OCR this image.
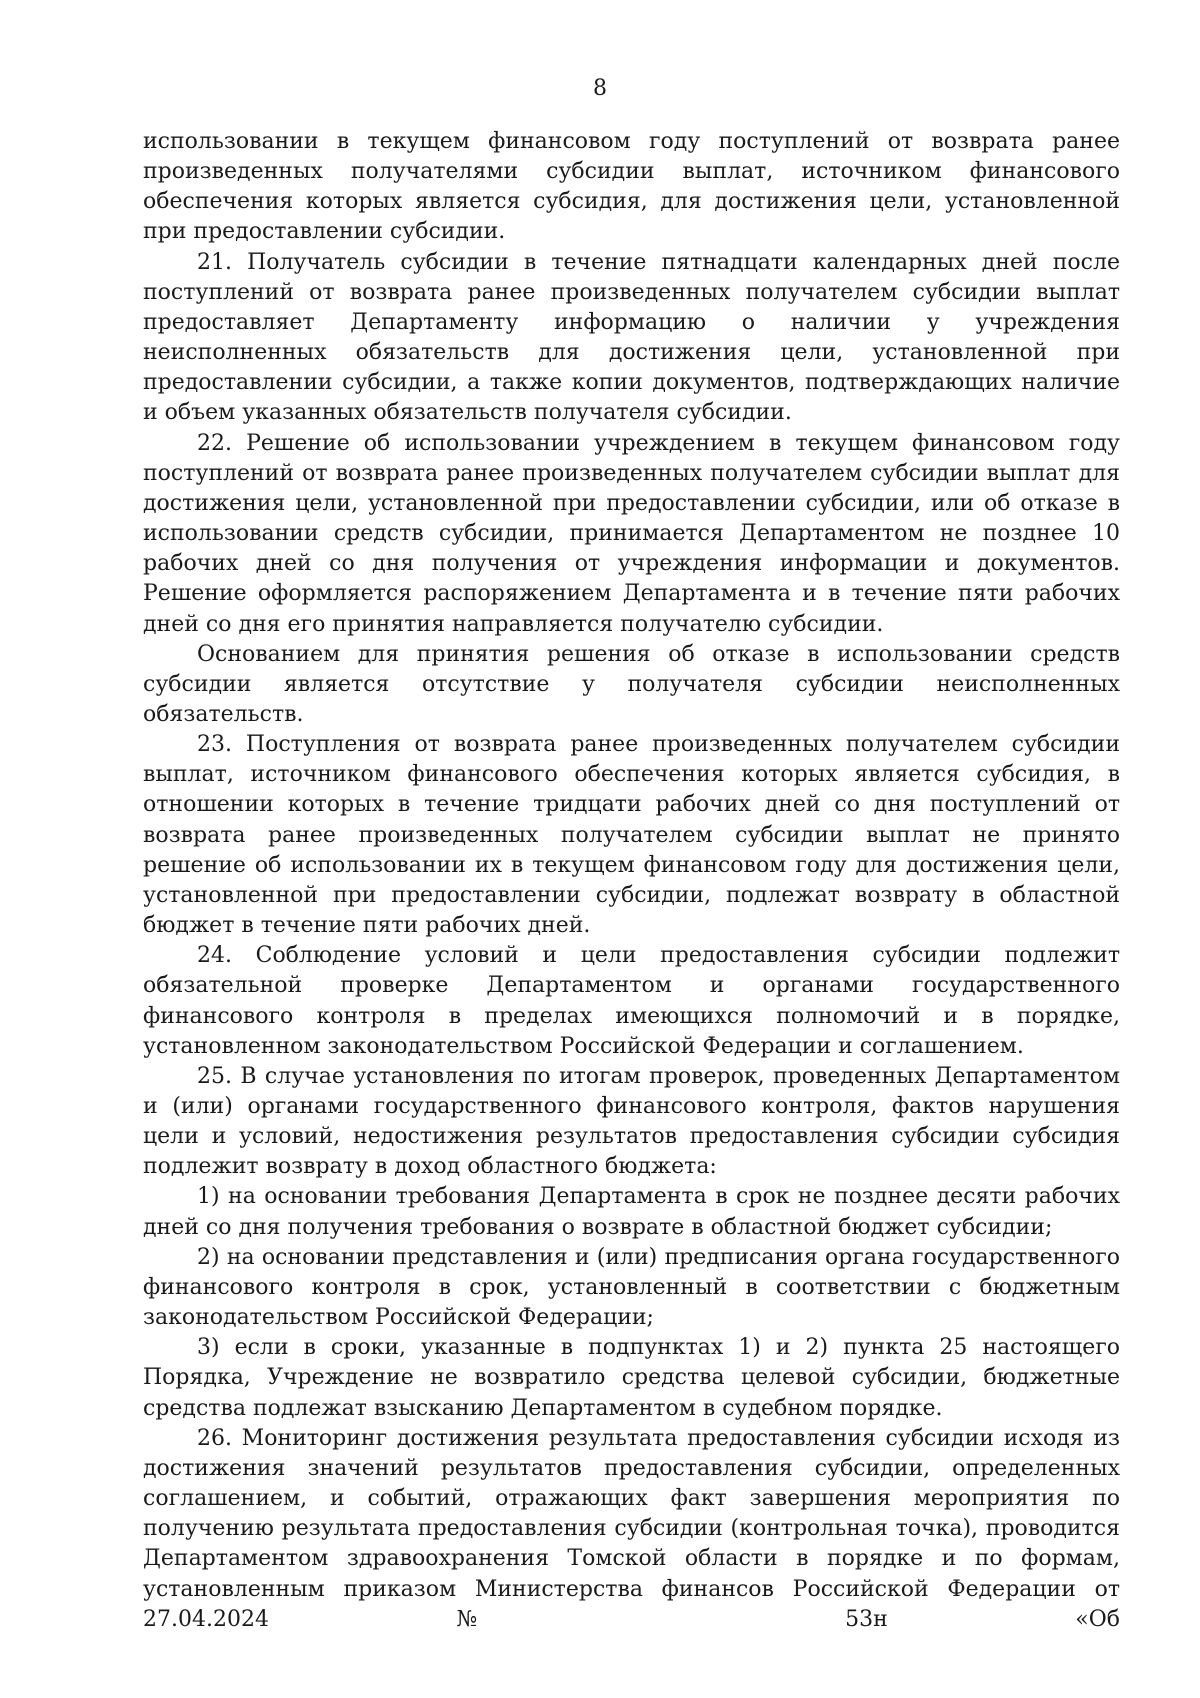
8

использовании в текущем финансовом году поступлений от возврата ранее произведенных получателями субсидии выплат, источником финансового обеспечения которых является субсидия, для достижения цели, установленной при предоставлении субсидии.

21. Получатель субсидии в течение пятнадцати календарных дней после поступлений от возврата ранее произведенных получателем субсидии выплат предоставляет Департаменту информацию о наличии у учреждения неисполненных обязательств для достижения цели, установленной при предоставлении субсидии, а также копии документов, подтверждающих наличие и объем указанных обязательств получателя субсидии.

22. Решение об использовании учреждением в текущем финансовом году поступлений от возврата ранее произведенных получателем субсидии выплат для достижения цели, установленной при предоставлении субсидии, или об отказе в использовании средств субсидии, принимается Департаментом не позднее 10 рабочих дней со дня получения от учреждения информации и документов. Решение оформляется распоряжением Департамента и в течение пяти рабочих дней со дня его принятия направляется получателю субсидии.

Основанием для принятия решения об отказе в использовании средств субсидии является отсутствие у получателя субсидии неисполненных обязательств.

23. Поступления от возврата ранее произведенных получателем субсидии выплат, источником финансового обеспечения которых является субсидия, в отношении которых в течение тридцати рабочих дней со дня поступлений от возврата ранее произведенных получателем субсидии выплат не принято решение об использовании их в текущем финансовом году для достижения цели, установленной при предоставлении субсидии, подлежат возврату в областной бюджет в течение пяти рабочих дней.

24. Соблюдение условий и цели предоставления субсидии подлежит обязательной проверке Департаментом и органами государственного финансового контроля в пределах имеющихся полномочий и в порядке, установленном законодательством Российской Федерации и соглашением.

25. В случае установления по итогам проверок, проведенных Департаментом и (или) органами государственного финансового контроля, фактов нарушения цели и условий, недостижения результатов предоставления субсидии субсидия подлежит возврату в доход областного бюджета:

1) на основании требования Департамента в срок не позднее десяти рабочих дней со дня получения требования о возврате в областной бюджет субсидии;

2) на основании представления и (или) предписания органа государственного финансового контроля в срок, установленный в соответствии с бюджетным законодательством Российской Федерации;

3) если в сроки, указанные в подпунктах 1) и 2) пункта 25 настоящего Порядка, Учреждение не возвратило средства целевой субсидии, бюджетные средства подлежат взысканию Департаментом в судебном порядке.

26. Мониторинг достижения результата предоставления субсидии исходя из достижения значений результатов предоставления субсидии, определенных соглашением, и событий, отражающих факт завершения мероприятия по получению результата предоставления субсидии (контрольная точка), проводится Департаментом здравоохранения Томской области в порядке и по формам, установленным приказом Министерства финансов Российской Федерации от 27.04.2024 № 53н «Об
